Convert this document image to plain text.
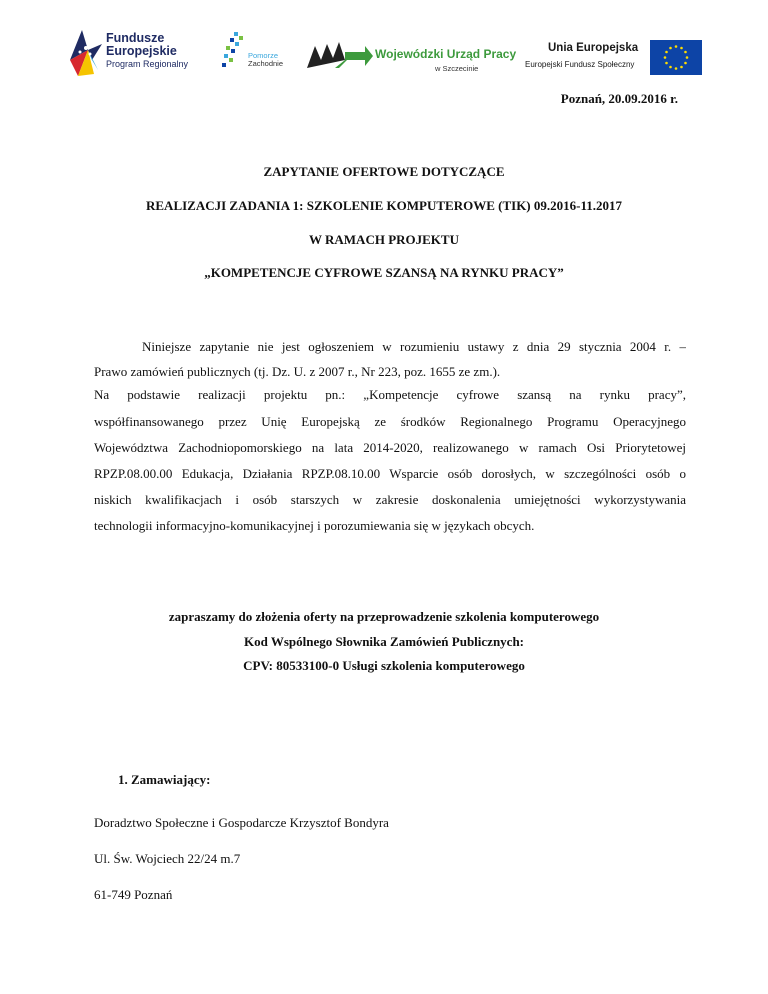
Fundusze
Europejskie
Program Regionalny
Pomorze
Zachodnie
Wojewódzki Urząd Pracy
w Szczecinie
Unia Europejska
Europejski Fundusz Społeczny
Poznań, 20.09.2016 r.
ZAPYTANIE OFERTOWE DOTYCZĄCE
REALIZACJI ZADANIA 1: SZKOLENIE KOMPUTEROWE (TIK) 09.2016-11.2017
W RAMACH PROJEKTU
„KOMPETENCJE CYFROWE SZANSĄ NA RYNKU PRACY”
Niniejsze zapytanie nie jest ogłoszeniem w rozumieniu ustawy z dnia 29 stycznia 2004 r. –
Prawo zamówień publicznych (tj. Dz. U. z 2007 r., Nr 223, poz. 1655 ze zm.).
Na podstawie realizacji projektu pn.: „Kompetencje cyfrowe szansą na rynku pracy”,
współfinansowanego przez Unię Europejską ze środków Regionalnego Programu Operacyjnego
Województwa Zachodniopomorskiego na lata 2014-2020, realizowanego w ramach Osi Priorytetowej
RPZP.08.00.00 Edukacja, Działania RPZP.08.10.00 Wsparcie osób dorosłych, w szczególności osób o
niskich kwalifikacjach i osób starszych w zakresie doskonalenia umiejętności wykorzystywania
technologii informacyjno-komunikacyjnej i porozumiewania się w językach obcych.
zapraszamy do złożenia oferty na przeprowadzenie szkolenia komputerowego
Kod Wspólnego Słownika Zamówień Publicznych:
CPV: 80533100-0 Usługi szkolenia komputerowego
1. Zamawiający:
Doradztwo Społeczne i Gospodarcze Krzysztof Bondyra
Ul. Św. Wojciech 22/24 m.7
61-749 Poznań
